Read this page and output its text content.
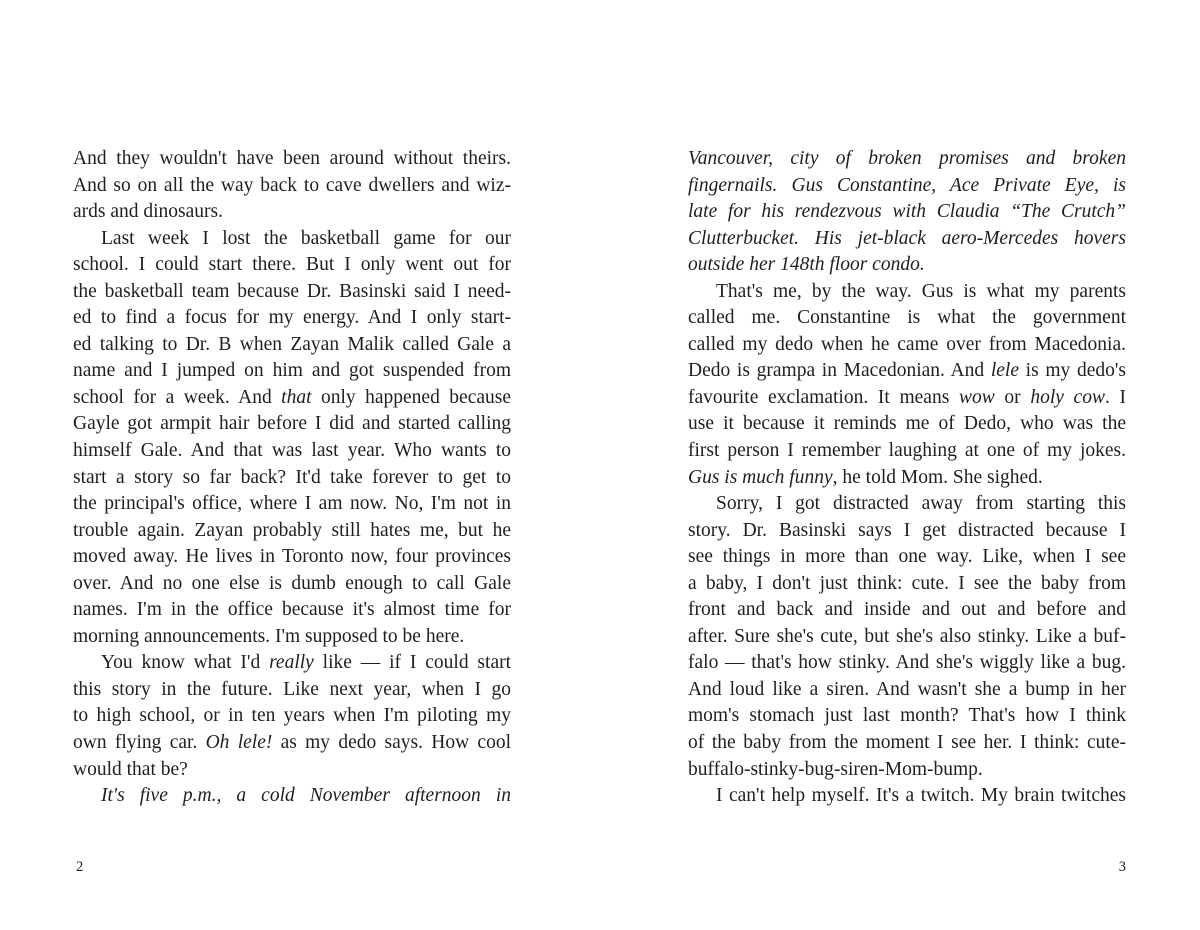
And they wouldn't have been around without theirs.
And so on all the way back to cave dwellers and wiz-
ards and dinosaurs.
Last week I lost the basketball game for our
school. I could start there. But I only went out for
the basketball team because Dr. Basinski said I need-
ed to find a focus for my energy. And I only start-
ed talking to Dr. B when Zayan Malik called Gale a
name and I jumped on him and got suspended from
school for a week. And that only happened because
Gayle got armpit hair before I did and started calling
himself Gale. And that was last year. Who wants to
start a story so far back? It'd take forever to get to
the principal's office, where I am now. No, I'm not in
trouble again. Zayan probably still hates me, but he
moved away. He lives in Toronto now, four provinces
over. And no one else is dumb enough to call Gale
names. I'm in the office because it's almost time for
morning announcements. I'm supposed to be here.
You know what I'd really like — if I could start
this story in the future. Like next year, when I go
to high school, or in ten years when I'm piloting my
own flying car. Oh lele! as my dedo says. How cool
would that be?
It's five p.m., a cold November afternoon in
2
Vancouver, city of broken promises and broken
fingernails. Gus Constantine, Ace Private Eye, is
late for his rendezvous with Claudia “The Crutch”
Clutterbucket. His jet-black aero-Mercedes hovers
outside her 148th floor condo.
That's me, by the way. Gus is what my parents
called me. Constantine is what the government
called my dedo when he came over from Macedonia.
Dedo is grampa in Macedonian. And lele is my dedo's
favourite exclamation. It means wow or holy cow. I
use it because it reminds me of Dedo, who was the
first person I remember laughing at one of my jokes.
Gus is much funny, he told Mom. She sighed.
Sorry, I got distracted away from starting this
story. Dr. Basinski says I get distracted because I
see things in more than one way. Like, when I see
a baby, I don't just think: cute. I see the baby from
front and back and inside and out and before and
after. Sure she's cute, but she's also stinky. Like a buf-
falo — that's how stinky. And she's wiggly like a bug.
And loud like a siren. And wasn't she a bump in her
mom's stomach just last month? That's how I think
of the baby from the moment I see her. I think: cute-
buffalo-stinky-bug-siren-Mom-bump.
I can't help myself. It's a twitch. My brain twitches
3
